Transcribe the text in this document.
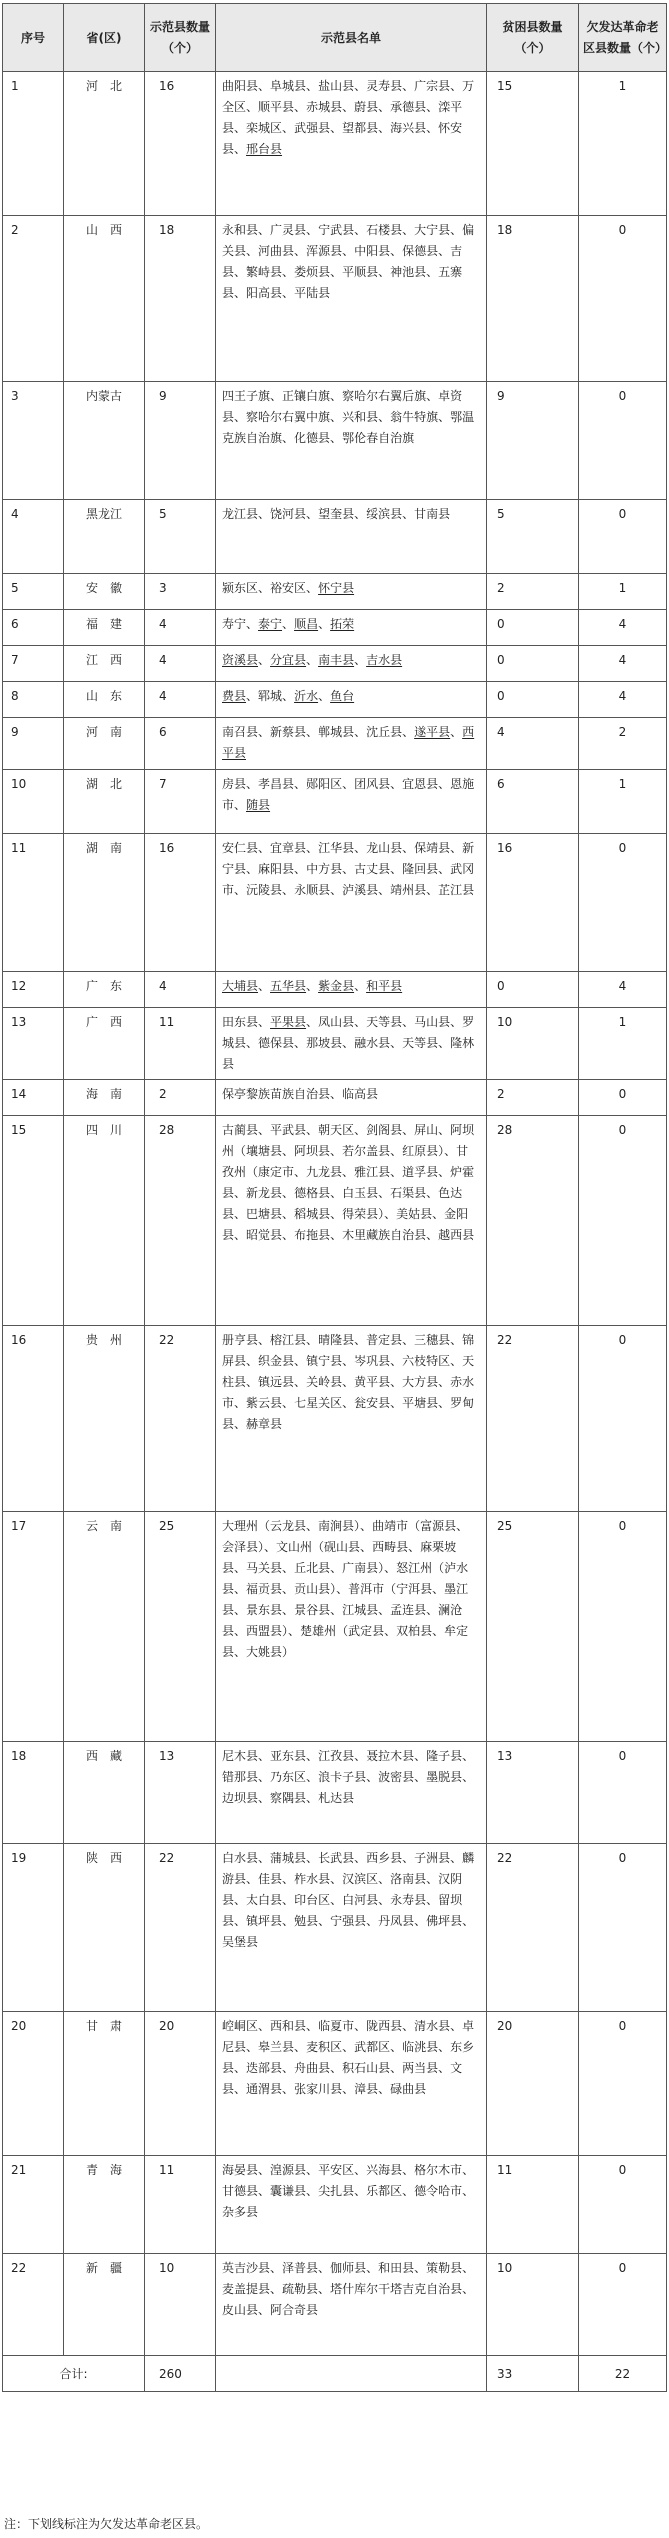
序号	省(区)	示范县数量（个）	示范县名单	贫困县数量（个）	欠发达革命老区县数量（个）
1	河　北	16	曲阳县、阜城县、盐山县、灵寿县、广宗县、万全区、顺平县、赤城县、蔚县、承德县、滦平县、栾城区、武强县、望都县、海兴县、怀安县、邢台县	15	1
2	山　西	18	永和县、广灵县、宁武县、石楼县、大宁县、偏关县、河曲县、浑源县、中阳县、保德县、吉县、繁峙县、娄烦县、平顺县、神池县、五寨县、阳高县、平陆县	18	0
3	内蒙古	9	四王子旗、正镶白旗、察哈尔右翼后旗、卓资县、察哈尔右翼中旗、兴和县、翁牛特旗、鄂温克族自治旗、化德县、鄂伦春自治旗	9	0
4	黑龙江	5	龙江县、饶河县、望奎县、绥滨县、甘南县	5	0
5	安　徽	3	颍东区、裕安区、怀宁县	2	1
6	福　建	4	寿宁、泰宁、顺昌、拓荣	0	4
7	江　西	4	资溪县、分宜县、南丰县、吉水县	0	4
8	山　东	4	费县、郓城、沂水、鱼台	0	4
9	河　南	6	南召县、新蔡县、郸城县、沈丘县、遂平县、西平县	4	2
10	湖　北	7	房县、孝昌县、郧阳区、团风县、宜恩县、恩施市、随县	6	1
11	湖　南	16	安仁县、宜章县、江华县、龙山县、保靖县、新宁县、麻阳县、中方县、古丈县、隆回县、武冈市、沅陵县、永顺县、泸溪县、靖州县、芷江县	16	0
12	广　东	4	大埔县、五华县、紫金县、和平县	0	4
13	广　西	11	田东县、平果县、凤山县、天等县、马山县、罗城县、德保县、那坡县、融水县、天等县、隆林县	10	1
14	海　南	2	保亭黎族苗族自治县、临高县	2	0
15	四　川	28	古蔺县、平武县、朝天区、剑阁县、屏山、阿坝州（壤塘县、阿坝县、若尔盖县、红原县）、甘孜州（康定市、九龙县、雅江县、道孚县、炉霍县、新龙县、德格县、白玉县、石渠县、色达县、巴塘县、稻城县、得荣县）、美姑县、金阳县、昭觉县、布拖县、木里藏族自治县、越西县	28	0
16	贵　州	22	册亨县、榕江县、晴隆县、普定县、三穗县、锦屏县、织金县、镇宁县、岑巩县、六枝特区、天柱县、镇远县、关岭县、黄平县、大方县、赤水市、紫云县、七星关区、瓮安县、平塘县、罗甸县、赫章县	22	0
17	云　南	25	大理州（云龙县、南涧县）、曲靖市（富源县、会泽县）、文山州（砚山县、西畴县、麻栗坡县、马关县、丘北县、广南县）、怒江州（泸水县、福贡县、贡山县）、普洱市（宁洱县、墨江县、景东县、景谷县、江城县、孟连县、澜沧县、西盟县）、楚雄州（武定县、双柏县、牟定县、大姚县）	25	0
18	西　藏	13	尼木县、亚东县、江孜县、聂拉木县、隆子县、错那县、乃东区、浪卡子县、波密县、墨脱县、边坝县、察隅县、札达县	13	0
19	陕　西	22	白水县、蒲城县、长武县、西乡县、子洲县、麟游县、佳县、柞水县、汉滨区、洛南县、汉阴县、太白县、印台区、白河县、永寿县、留坝县、镇坪县、勉县、宁强县、丹凤县、佛坪县、吴堡县	22	0
20	甘　肃	20	崆峒区、西和县、临夏市、陇西县、清水县、卓尼县、皋兰县、麦积区、武都区、临洮县、东乡县、迭部县、舟曲县、积石山县、两当县、文县、通渭县、张家川县、漳县、碌曲县	20	0
21	青　海	11	海晏县、湟源县、平安区、兴海县、格尔木市、甘德县、囊谦县、尖扎县、乐都区、德令哈市、杂多县	11	0
22	新　疆	10	英吉沙县、泽普县、伽师县、和田县、策勒县、麦盖提县、疏勒县、塔什库尔干塔吉克自治县、皮山县、阿合奇县	10	0
合计:		260		33	22
注：下划线标注为欠发达革命老区县。
